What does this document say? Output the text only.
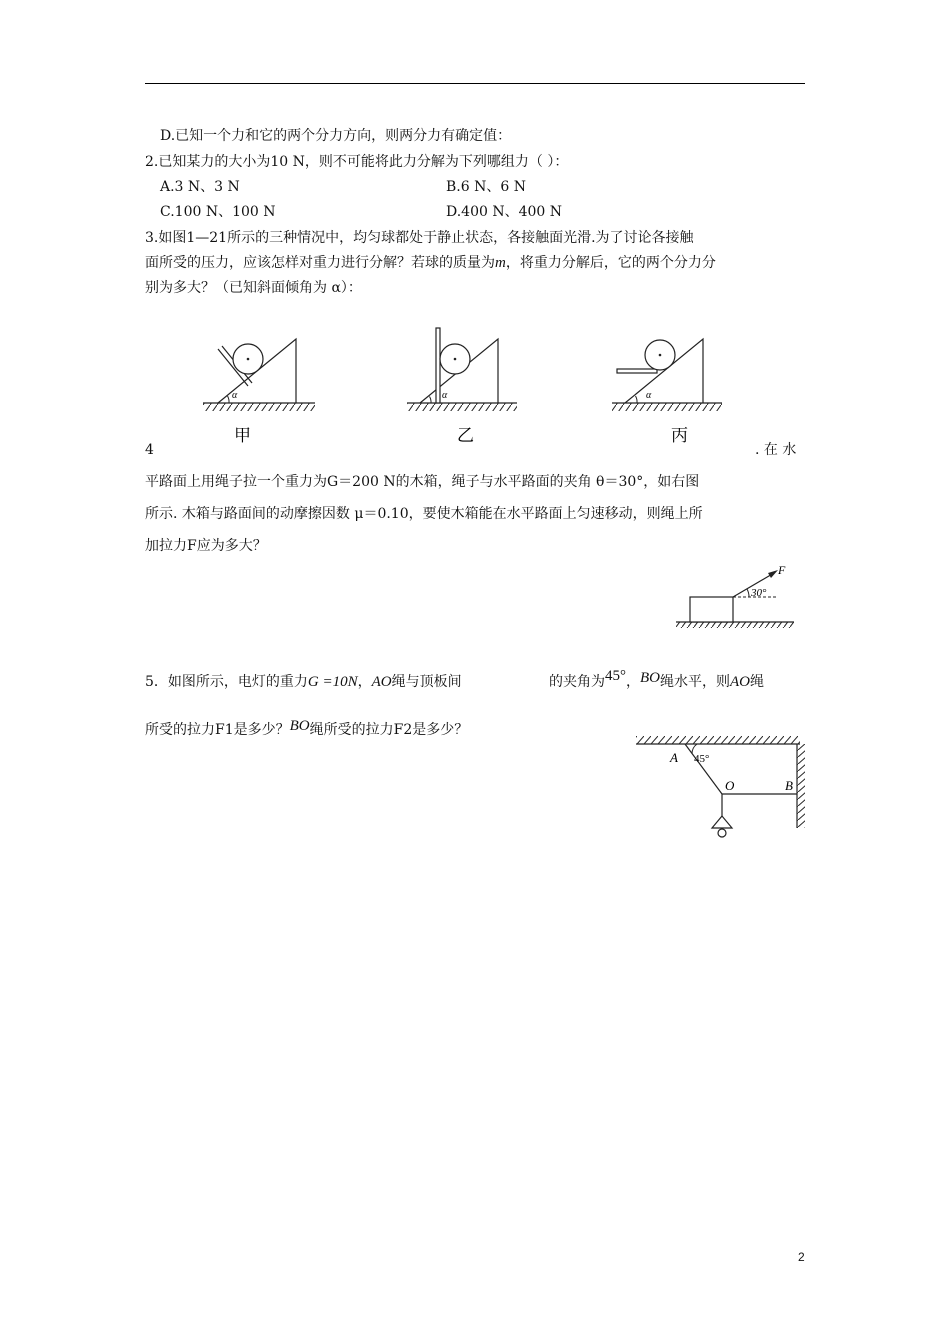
D.已知一个力和它的两个分力方向，则两分力有确定值：
2.已知某力的大小为10 N，则不可能将此力分解为下列哪组力（ ）：
A.3 N、3 N	B.6 N、6 N
C.100 N、100 N	D.400 N、400 N
3.如图1—21所示的三种情况中，均匀球都处于静止状态，各接触面光滑.为了讨论各接触
面所受的压力，应该怎样对重力进行分解？若球的质量为m，将重力分解后，它的两个分力分
别为多大？（已知斜面倾角为 α）：
α
甲
α
乙
α
丙
4	. 在 水
平路面上用绳子拉一个重力为G＝200 N的木箱，绳子与水平路面的夹角 θ＝30°，如右图
所示. 木箱与路面间的动摩擦因数 μ＝0.10，要使木箱能在水平路面上匀速移动，则绳上所
加拉力F应为多大？
F
30°
5．如图所示，电灯的重力G =10N，AO绳与顶板间	的夹角为45°，BO绳水平，则AO绳
所受的拉力F1是多少？BO绳所受的拉力F2是多少？
A 45°
O	B
2
